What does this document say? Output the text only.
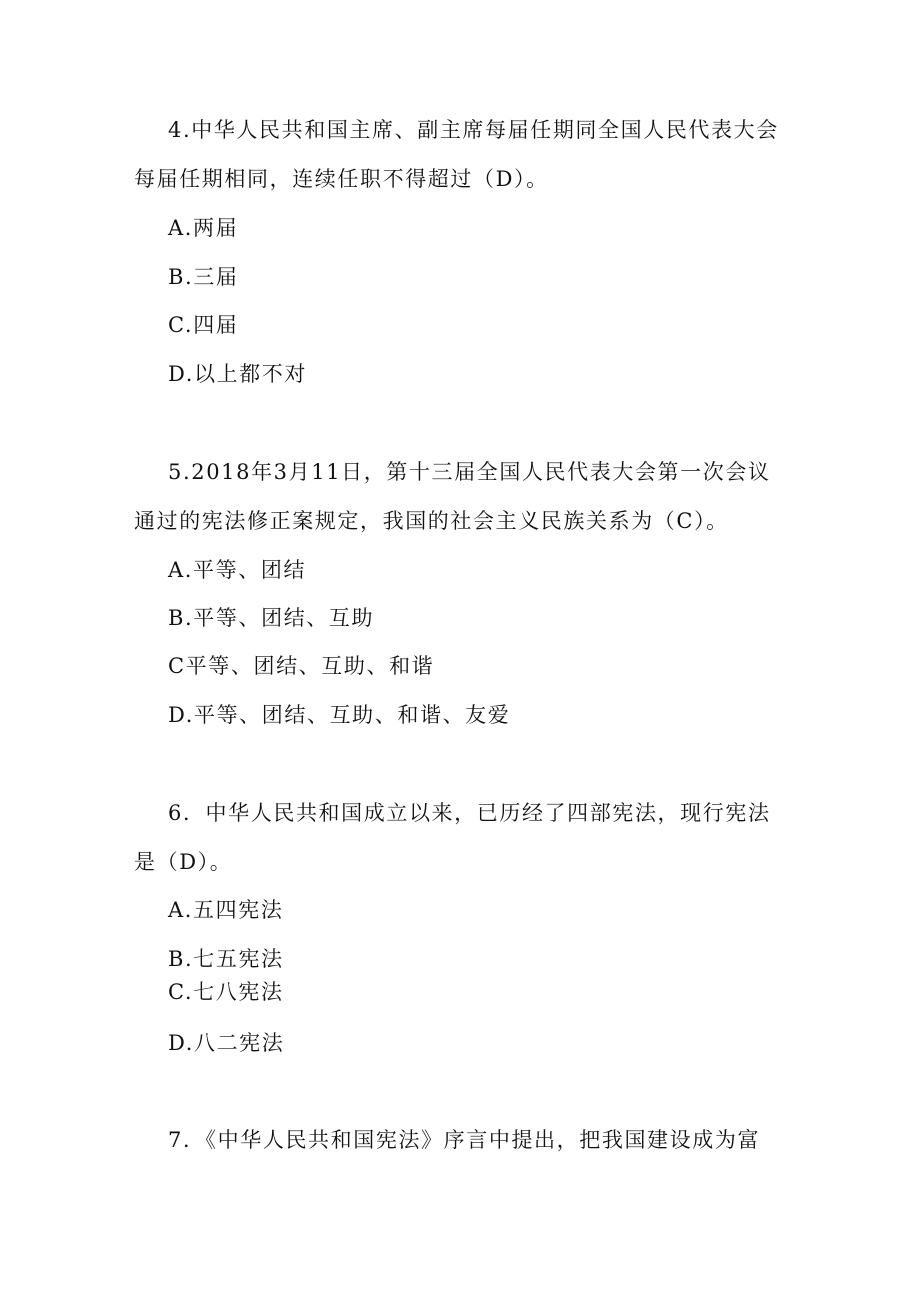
4.中华人民共和国主席、副主席每届任期同全国人民代表大会
每届任期相同，连续任职不得超过（D）。
A.两届
B.三届
C.四届
D.以上都不对
5.2018年3月11日，第十三届全国人民代表大会第一次会议
通过的宪法修正案规定，我国的社会主义民族关系为（C）。
A.平等、团结
B.平等、团结、互助
C平等、团结、互助、和谐
D.平等、团结、互助、和谐、友爱
6．中华人民共和国成立以来，已历经了四部宪法，现行宪法
是（D）。
A.五四宪法
B.七五宪法
C.七八宪法
D.八二宪法
7．《中华人民共和国宪法》序言中提出，把我国建设成为富
